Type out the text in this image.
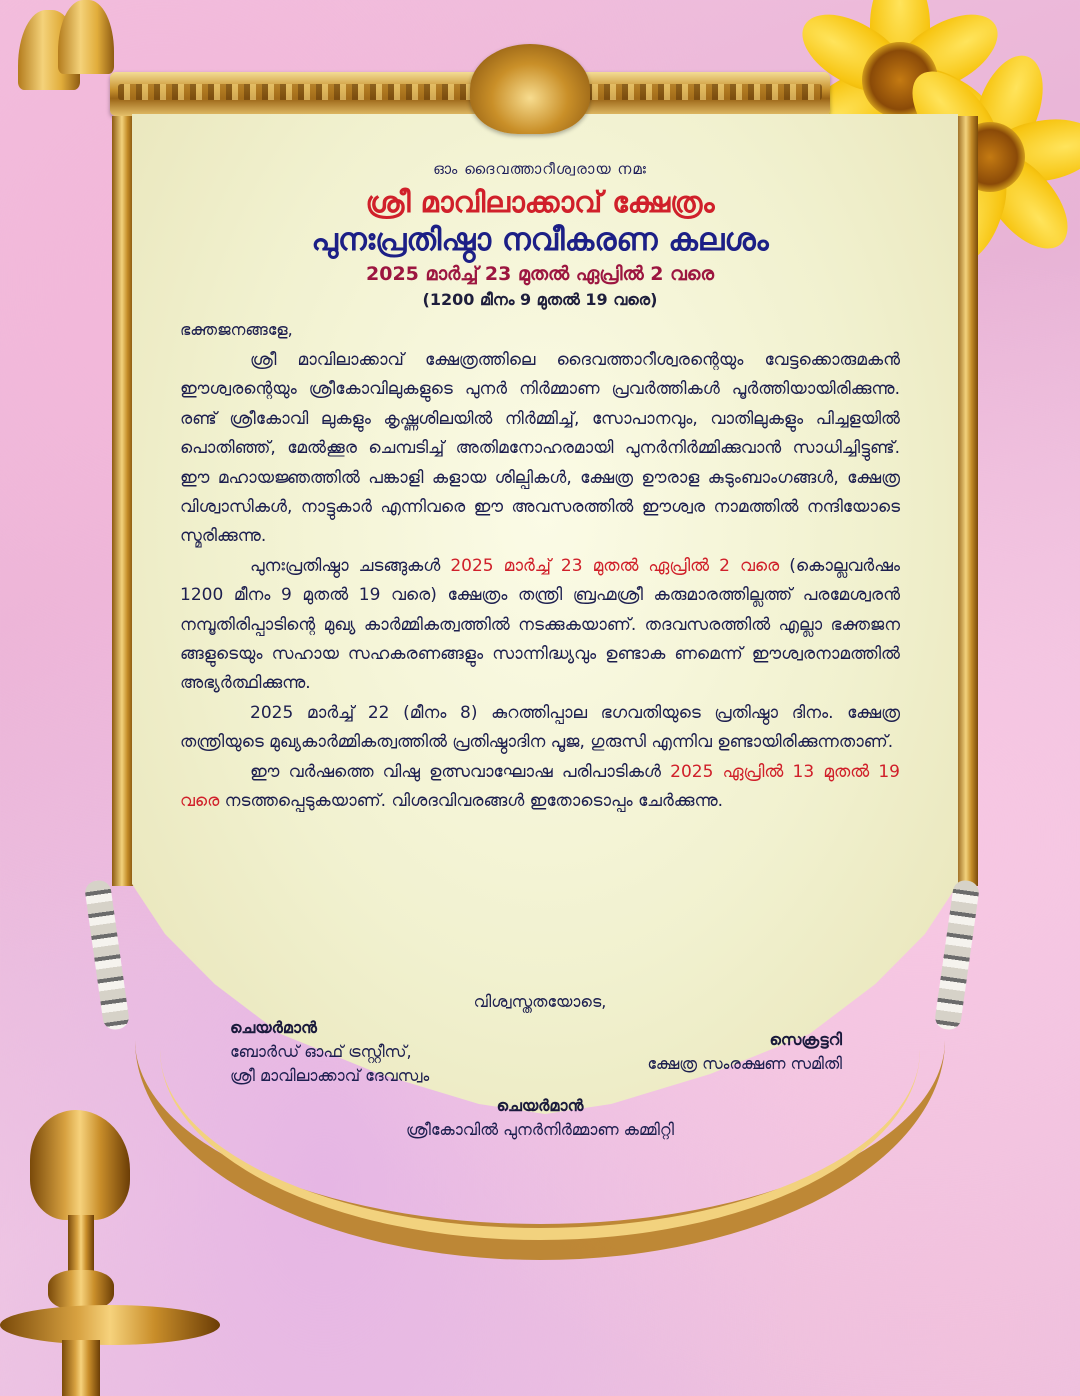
ഓം ദൈവത്താറീശ്വരായ നമഃ
ശ്രീ മാവിലാക്കാവ് ക്ഷേത്രം
പുനഃപ്രതിഷ്ഠാ നവീകരണ കലശം
2025 മാർച്ച് 23 മുതൽ ഏപ്രിൽ 2 വരെ
(1200 മീനം 9 മുതൽ 19 വരെ)

ഭക്തജനങ്ങളേ,

ശ്രീ മാവിലാക്കാവ് ക്ഷേത്രത്തിലെ ദൈവത്താറീശ്വരന്റെയും വേട്ടക്കൊരുമകൻ ഈശ്വരന്റെയും ശ്രീകോവിലുകളുടെ പുനർ നിർമ്മാണ പ്രവർത്തികൾ പൂർത്തിയായിരിക്കുന്നു. രണ്ട് ശ്രീകോവി ലുകളും കൃഷ്ണശിലയിൽ നിർമ്മിച്ച്, സോപാനവും, വാതിലുകളും പിച്ചളയിൽ പൊതിഞ്ഞ്, മേൽക്കൂര ചെമ്പടിച്ച് അതിമനോഹരമായി പുനർനിർമ്മിക്കുവാൻ സാധിച്ചിട്ടുണ്ട്. ഈ മഹായജ്ഞത്തിൽ പങ്കാളി കളായ ശില്പികൾ, ക്ഷേത്ര ഊരാള കുടുംബാംഗങ്ങൾ, ക്ഷേത്ര വിശ്വാസികൾ, നാട്ടുകാർ എന്നിവരെ ഈ അവസരത്തിൽ ഈശ്വര നാമത്തിൽ നന്ദിയോടെ സ്മരിക്കുന്നു.

പുനഃപ്രതിഷ്ഠാ ചടങ്ങുകൾ 2025 മാർച്ച് 23 മുതൽ ഏപ്രിൽ 2 വരെ (കൊല്ലവർഷം 1200 മീനം 9 മുതൽ 19 വരെ) ക്ഷേത്രം തന്ത്രി ബ്രഹ്മശ്രീ കരുമാരത്തില്ലത്ത് പരമേശ്വരൻ നമ്പൂതിരിപ്പാടിന്റെ മുഖ്യ കാർമ്മികത്വത്തിൽ നടക്കുകയാണ്. തദവസരത്തിൽ എല്ലാ ഭക്തജന ങ്ങളുടെയും സഹായ സഹകരണങ്ങളും സാന്നിദ്ധ്യവും ഉണ്ടാക ണമെന്ന് ഈശ്വരനാമത്തിൽ അഭ്യർത്ഥിക്കുന്നു.

2025 മാർച്ച് 22 (മീനം 8) കുറത്തിപ്പാല ഭഗവതിയുടെ പ്രതിഷ്ഠാ ദിനം. ക്ഷേത്ര തന്ത്രിയുടെ മുഖ്യകാർമ്മികത്വത്തിൽ പ്രതിഷ്ഠാദിന പൂജ, ഗുരുസി എന്നിവ ഉണ്ടായിരിക്കുന്നതാണ്.

ഈ വർഷത്തെ വിഷു ഉത്സവാഘോഷ പരിപാടികൾ 2025 ഏപ്രിൽ 13 മുതൽ 19 വരെ നടത്തപ്പെടുകയാണ്. വിശദവിവരങ്ങൾ ഇതോടൊപ്പം ചേർക്കുന്നു.

വിശ്വസ്തതയോടെ,
ചെയർമാൻ
ബോർഡ് ഓഫ് ട്രസ്റ്റീസ്,
ശ്രീ മാവിലാക്കാവ് ദേവസ്വം
സെക്രട്ടറി
ക്ഷേത്ര സംരക്ഷണ സമിതി
ചെയർമാൻ
ശ്രീകോവിൽ പുനർനിർമ്മാണ കമ്മിറ്റി
